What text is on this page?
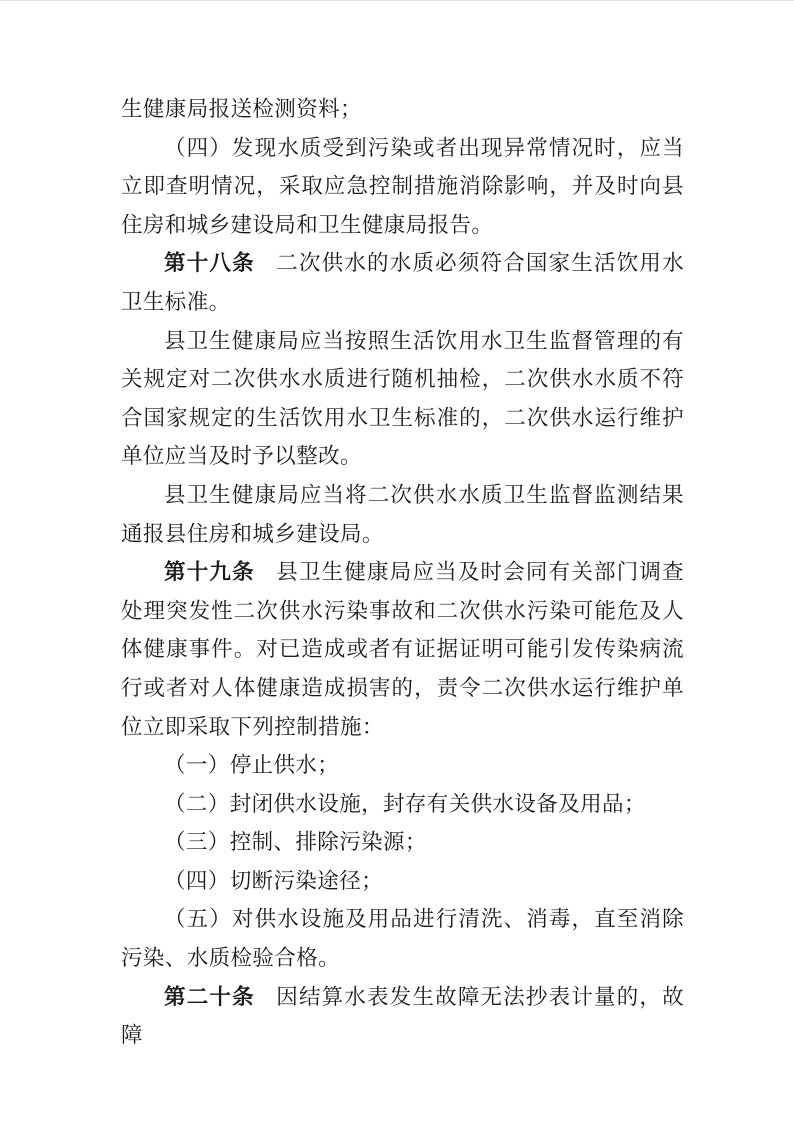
生健康局报送检测资料；

（四）发现水质受到污染或者出现异常情况时，应当立即查明情况，采取应急控制措施消除影响，并及时向县住房和城乡建设局和卫生健康局报告。

第十八条 二次供水的水质必须符合国家生活饮用水卫生标准。

县卫生健康局应当按照生活饮用水卫生监督管理的有关规定对二次供水水质进行随机抽检，二次供水水质不符合国家规定的生活饮用水卫生标准的，二次供水运行维护单位应当及时予以整改。

县卫生健康局应当将二次供水水质卫生监督监测结果通报县住房和城乡建设局。

第十九条 县卫生健康局应当及时会同有关部门调查处理突发性二次供水污染事故和二次供水污染可能危及人体健康事件。对已造成或者有证据证明可能引发传染病流行或者对人体健康造成损害的，责令二次供水运行维护单位立即采取下列控制措施：

（一）停止供水；

（二）封闭供水设施，封存有关供水设备及用品；

（三）控制、排除污染源；

（四）切断污染途径；

（五）对供水设施及用品进行清洗、消毒，直至消除污染、水质检验合格。

第二十条 因结算水表发生故障无法抄表计量的，故障
